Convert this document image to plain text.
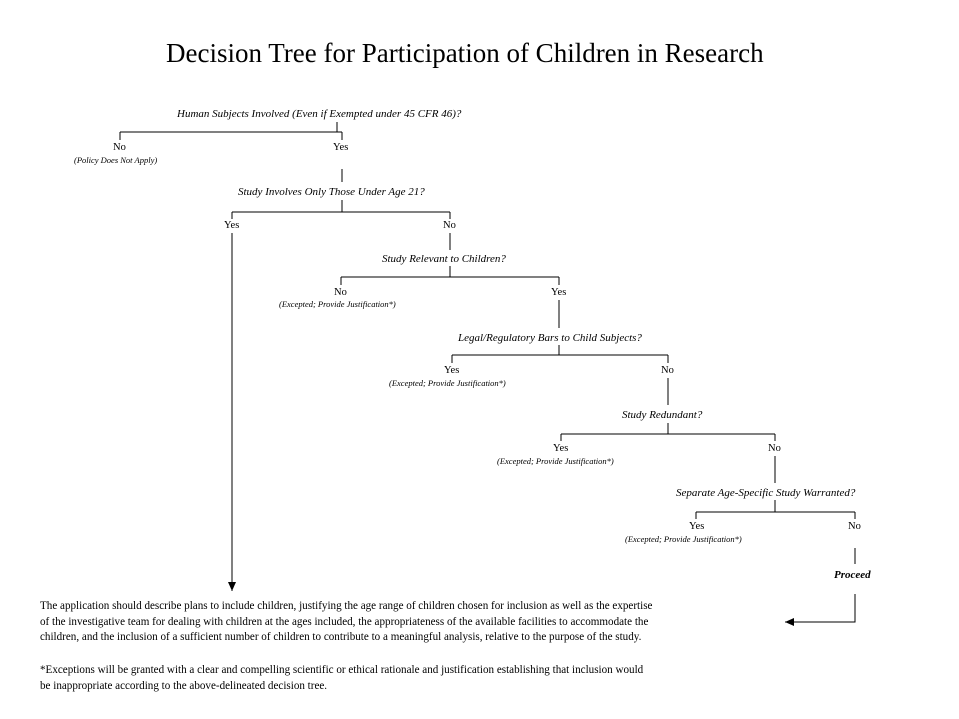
Decision Tree for Participation of Children in Research
Human Subjects Involved (Even if Exempted under 45 CFR 46)?
No
(Policy Does Not Apply)
Yes
Study Involves Only Those Under Age 21?
Yes	No
Study Relevant to Children?
No
(Excepted; Provide Justification*)
Yes
Legal/Regulatory Bars to Child Subjects?
Yes
(Excepted; Provide Justification*)
No
Study Redundant?
Yes
(Excepted; Provide Justification*)
No
Separate Age-Specific Study Warranted?
Yes
(Excepted; Provide Justification*)
No
Proceed
The application should describe plans to include children, justifying the age range of children chosen for inclusion as well as the expertise
of the investigative team for dealing with children at the ages included, the appropriateness of the available facilities to accommodate the
children, and the inclusion of a sufficient number of children to contribute to a meaningful analysis, relative to the purpose of the study.
*Exceptions will be granted with a clear and compelling scientific or ethical rationale and justification establishing that inclusion would
be inappropriate according to the above-delineated decision tree.
